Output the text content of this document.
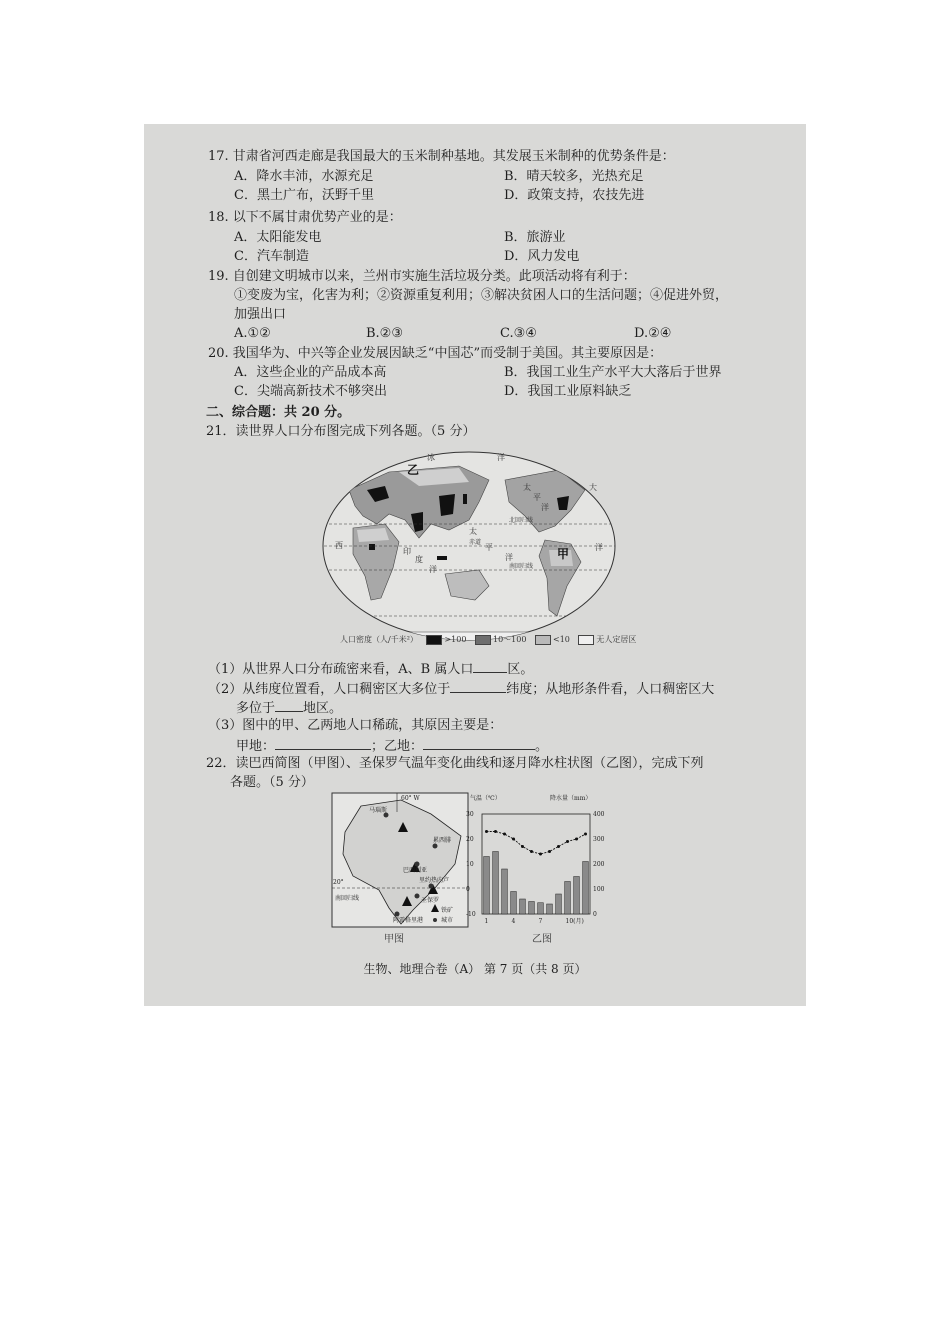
17. 甘肃省河西走廊是我国最大的玉米制种基地。其发展玉米制种的优势条件是：
A．降水丰沛，水源充足	B．晴天较多，光热充足
C．黑土广布，沃野千里	D．政策支持，农技先进
18. 以下不属甘肃优势产业的是：
A．太阳能发电	B．旅游业
C．汽车制造	D．风力发电
19. 自创建文明城市以来，兰州市实施生活垃圾分类。此项活动将有利于：
①变废为宝，化害为利；②资源重复利用；③解决贫困人口的生活问题；④促进外贸，
加强出口
A.①②	B.②③	C.③④	D.②④
20. 我国华为、中兴等企业发展因缺乏“中国芯”而受制于美国。其主要原因是：
A．这些企业的产品成本高	B．我国工业生产水平大大落后于世界
C．尖端高新技术不够突出	D．我国工业原料缺乏
二、综合题：共 20 分。
21．读世界人口分布图完成下列各题。（5 分）
冰	洋
大
西	洋
太
平
洋
印
度
洋
太
平
洋
北回归线
南回归线
赤道
乙
甲
人口密度（人/千米²）	>100	10～100	<10	无人定居区
（1）从世界人口分布疏密来看，A、B 属人口	区。
（2）从纬度位置看，人口稠密区大多位于	纬度；从地形条件看，人口稠密区大
多位于 地区。
（3）图中的甲、乙两地人口稀疏，其原因主要是：
甲地：	；乙地：	。
22．读巴西简图（甲图）、圣保罗气温年变化曲线和逐月降水柱状图（乙图），完成下列
各题。（5 分）
60° W
20°
南回归线
马瑙斯
累西腓
巴西利亚
里约热内卢
圣保罗
阿雷格里港
铁矿
城市
甲图
气温（℃）	降水量（mm）
30
20
10
0
-10
400
300
200
100
0
1	4	7	10(月)
乙图
生物、地理合卷（A） 第 7 页（共 8 页）
